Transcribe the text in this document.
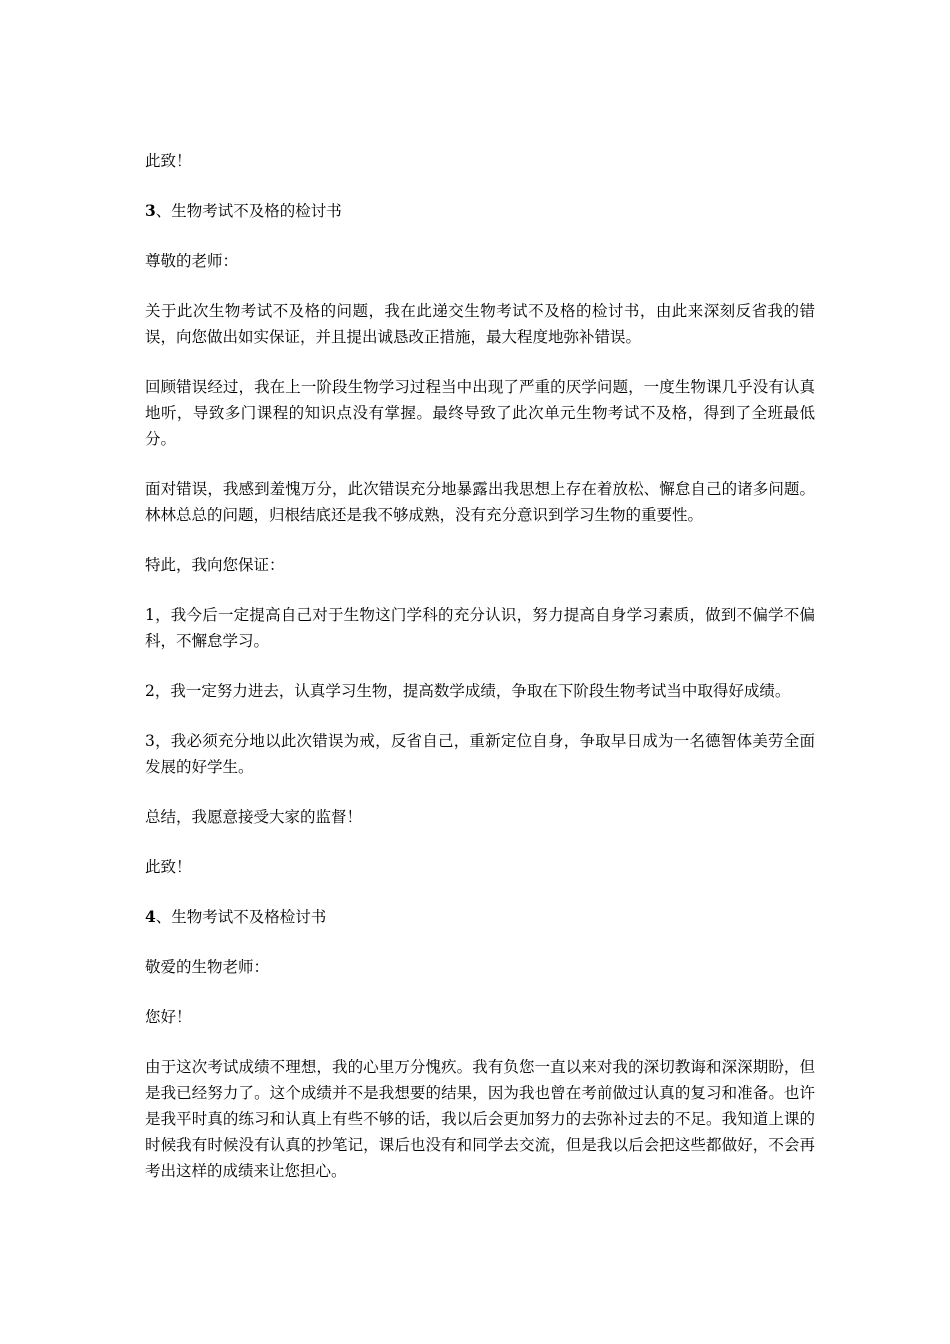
此致！

3、生物考试不及格的检讨书

尊敬的老师：

关于此次生物考试不及格的问题，我在此递交生物考试不及格的检讨书，由此来深刻反省我的错误，向您做出如实保证，并且提出诚恳改正措施，最大程度地弥补错误。

回顾错误经过，我在上一阶段生物学习过程当中出现了严重的厌学问题，一度生物课几乎没有认真地听，导致多门课程的知识点没有掌握。最终导致了此次单元生物考试不及格，得到了全班最低分。

面对错误，我感到羞愧万分，此次错误充分地暴露出我思想上存在着放松、懈怠自己的诸多问题。林林总总的问题，归根结底还是我不够成熟，没有充分意识到学习生物的重要性。

特此，我向您保证：

1，我今后一定提高自己对于生物这门学科的充分认识，努力提高自身学习素质，做到不偏学不偏科，不懈怠学习。

2，我一定努力进去，认真学习生物，提高数学成绩，争取在下阶段生物考试当中取得好成绩。

3，我必须充分地以此次错误为戒，反省自己，重新定位自身，争取早日成为一名德智体美劳全面发展的好学生。

总结，我愿意接受大家的监督！

此致！

4、生物考试不及格检讨书

敬爱的生物老师：

您好！

由于这次考试成绩不理想，我的心里万分愧疚。我有负您一直以来对我的深切教诲和深深期盼，但是我已经努力了。这个成绩并不是我想要的结果，因为我也曾在考前做过认真的复习和准备。也许是我平时真的练习和认真上有些不够的话，我以后会更加努力的去弥补过去的不足。我知道上课的时候我有时候没有认真的抄笔记，课后也没有和同学去交流，但是我以后会把这些都做好，不会再考出这样的成绩来让您担心。
